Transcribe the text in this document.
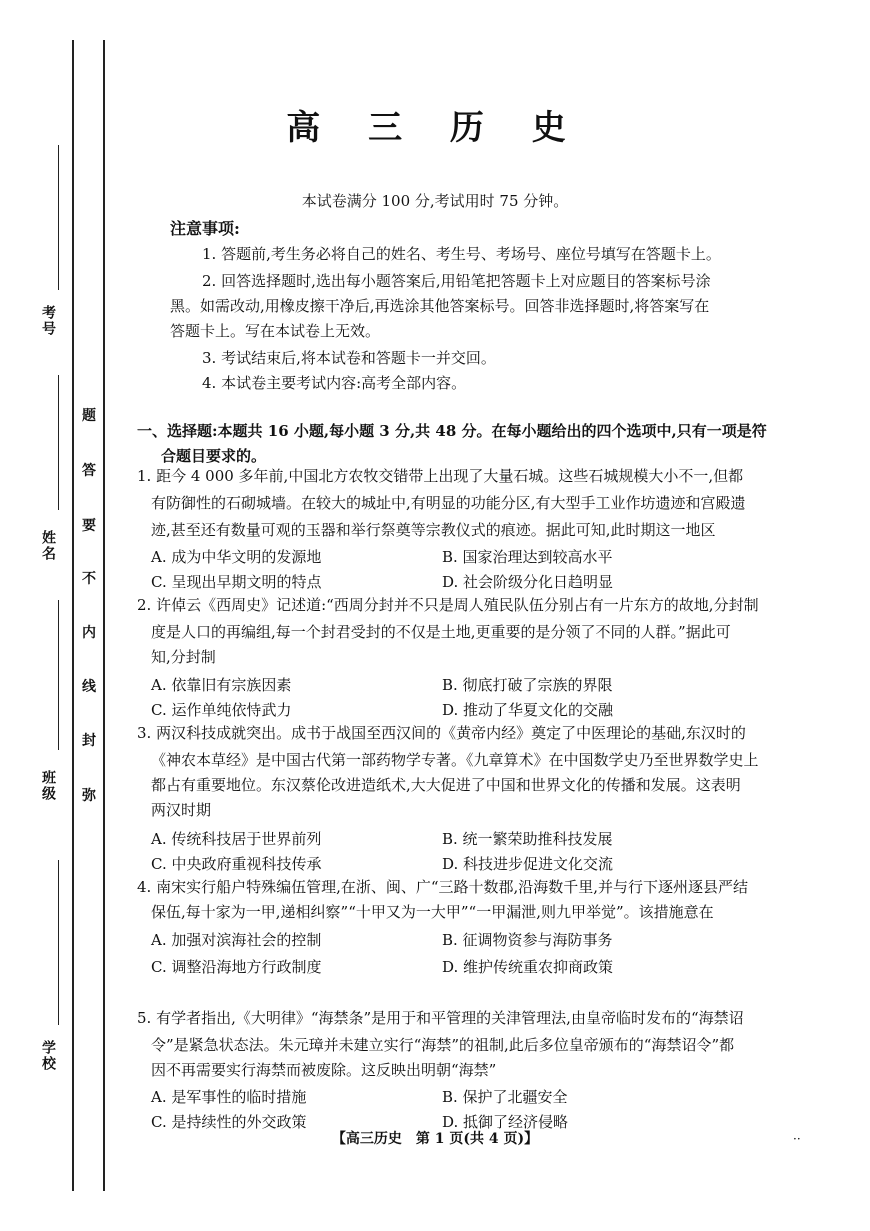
考号
姓名
班级
学校
题
答
要
不
内
线
封
弥
高 三 历 史
本试卷满分 100 分,考试用时 75 分钟。
注意事项:
1. 答题前,考生务必将自己的姓名、考生号、考场号、座位号填写在答题卡上。
2. 回答选择题时,选出每小题答案后,用铅笔把答题卡上对应题目的答案标号涂
黑。如需改动,用橡皮擦干净后,再选涂其他答案标号。回答非选择题时,将答案写在
答题卡上。写在本试卷上无效。
3. 考试结束后,将本试卷和答题卡一并交回。
4. 本试卷主要考试内容:高考全部内容。
一、选择题:本题共 16 小题,每小题 3 分,共 48 分。在每小题给出的四个选项中,只有一项是符
合题目要求的。
1. 距今 4 000 多年前,中国北方农牧交错带上出现了大量石城。这些石城规模大小不一,但都
有防御性的石砌城墙。在较大的城址中,有明显的功能分区,有大型手工业作坊遗迹和宫殿遗
迹,甚至还有数量可观的玉器和举行祭奠等宗教仪式的痕迹。据此可知,此时期这一地区
A. 成为中华文明的发源地	B. 国家治理达到较高水平
C. 呈现出早期文明的特点	D. 社会阶级分化日趋明显
2. 许倬云《西周史》记述道:“西周分封并不只是周人殖民队伍分别占有一片东方的故地,分封制
度是人口的再编组,每一个封君受封的不仅是土地,更重要的是分领了不同的人群。”据此可
知,分封制
A. 依靠旧有宗族因素	B. 彻底打破了宗族的界限
C. 运作单纯依恃武力	D. 推动了华夏文化的交融
3. 两汉科技成就突出。成书于战国至西汉间的《黄帝内经》奠定了中医理论的基础,东汉时的
《神农本草经》是中国古代第一部药物学专著。《九章算术》在中国数学史乃至世界数学史上
都占有重要地位。东汉蔡伦改进造纸术,大大促进了中国和世界文化的传播和发展。这表明
两汉时期
A. 传统科技居于世界前列	B. 统一繁荣助推科技发展
C. 中央政府重视科技传承	D. 科技进步促进文化交流
4. 南宋实行船户特殊编伍管理,在浙、闽、广“三路十数郡,沿海数千里,并与行下逐州逐县严结
保伍,每十家为一甲,递相纠察”“十甲又为一大甲”“一甲漏泄,则九甲举觉”。该措施意在
A. 加强对滨海社会的控制	B. 征调物资参与海防事务
C. 调整沿海地方行政制度	D. 维护传统重农抑商政策
5. 有学者指出,《大明律》“海禁条”是用于和平管理的关津管理法,由皇帝临时发布的“海禁诏
令”是紧急状态法。朱元璋并未建立实行“海禁”的祖制,此后多位皇帝颁布的“海禁诏令”都
因不再需要实行海禁而被废除。这反映出明朝“海禁”
A. 是军事性的临时措施	B. 保护了北疆安全
C. 是持续性的外交政策	D. 抵御了经济侵略
【高三历史　第 1 页(共 4 页)】	··
